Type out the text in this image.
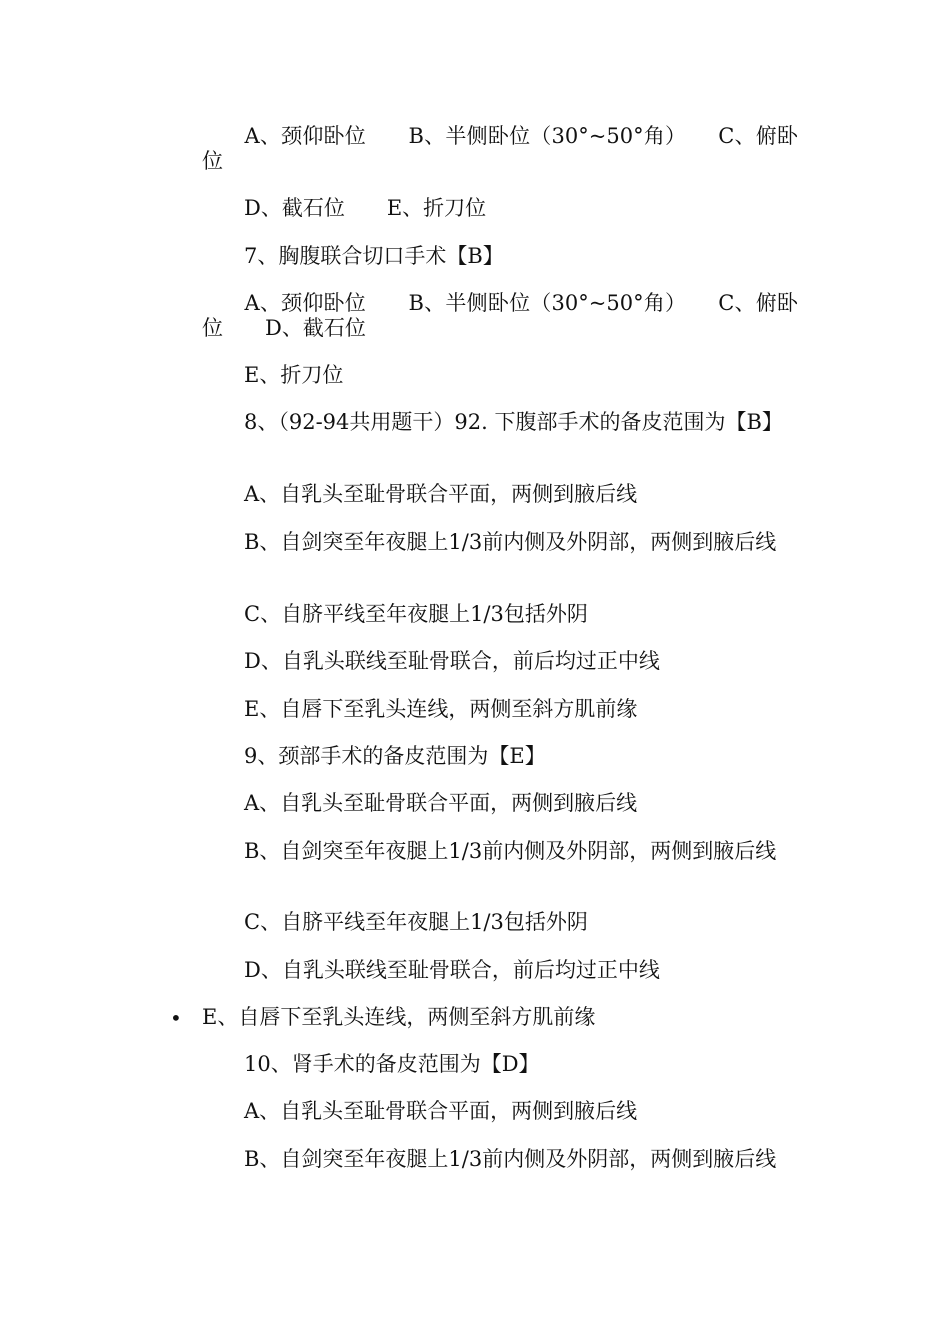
　　A、颈仰卧位　　B、半侧卧位（30°~50°角）　　C、俯卧位
　　D、截石位　　E、折刀位
　　7、胸腹联合切口手术【B】
　　A、颈仰卧位　　B、半侧卧位（30°~50°角）　　C、俯卧位　　D、截石位
　　E、折刀位
　　8、（92-94共用题干）92. 下腹部手术的备皮范围为【B】
　　A、自乳头至耻骨联合平面，两侧到腋后线
　　B、自剑突至年夜腿上1/3前内侧及外阴部，两侧到腋后线
　　C、自脐平线至年夜腿上1/3包括外阴
　　D、自乳头联线至耻骨联合，前后均过正中线
　　E、自唇下至乳头连线，两侧至斜方肌前缘
　　9、颈部手术的备皮范围为【E】
　　A、自乳头至耻骨联合平面，两侧到腋后线
　　B、自剑突至年夜腿上1/3前内侧及外阴部，两侧到腋后线
　　C、自脐平线至年夜腿上1/3包括外阴
　　D、自乳头联线至耻骨联合，前后均过正中线
• E、自唇下至乳头连线，两侧至斜方肌前缘
　　10、肾手术的备皮范围为【D】
　　A、自乳头至耻骨联合平面，两侧到腋后线
　　B、自剑突至年夜腿上1/3前内侧及外阴部，两侧到腋后线
